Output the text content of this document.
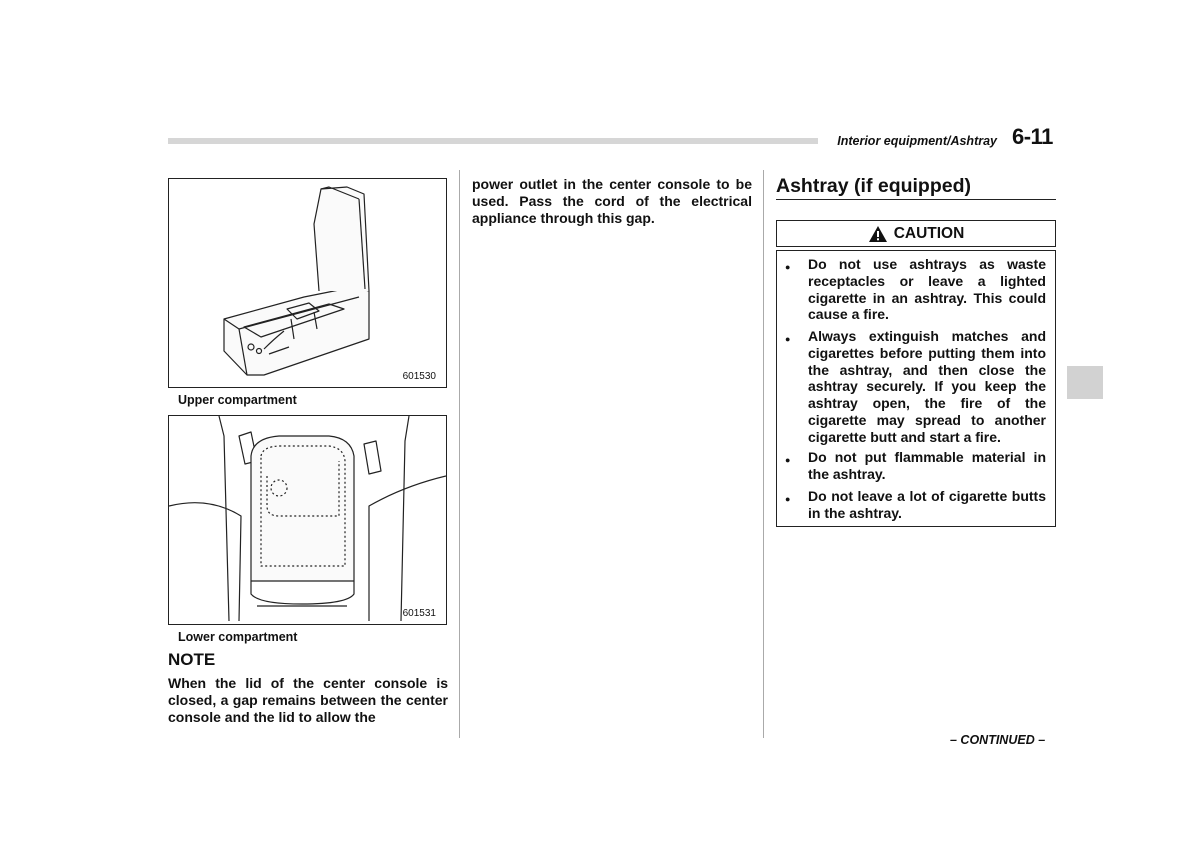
Interior equipment/Ashtray 6-11
601530
Upper compartment
601531
Lower compartment
NOTE
When the lid of the center console is closed, a gap remains between the center console and the lid to allow the
power outlet in the center console to be used. Pass the cord of the electrical appliance through this gap.
Ashtray (if equipped)
CAUTION
●	Do not use ashtrays as waste receptacles or leave a lighted cigarette in an ashtray. This could cause a fire.
●	Always extinguish matches and cigarettes before putting them into the ashtray, and then close the ashtray securely. If you keep the ashtray open, the fire of the cigarette may spread to another cigarette butt and start a fire.
●	Do not put flammable material in the ashtray.
●	Do not leave a lot of cigarette butts in the ashtray.
– CONTINUED –
